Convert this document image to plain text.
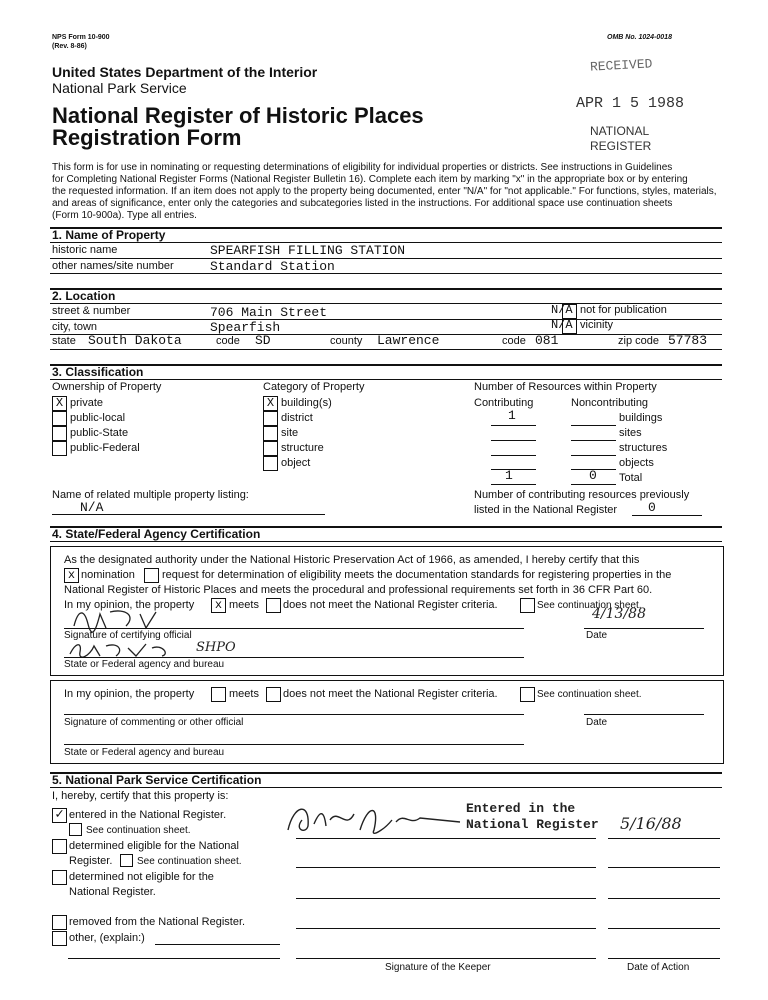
NPS Form 10-900
(Rev. 8-86)
OMB No. 1024-0018
United States Department of the Interior
National Park Service
National Register of Historic Places
Registration Form
RECEIVED
APR 1 5 1988
NATIONAL
REGISTER
This form is for use in nominating or requesting determinations of eligibility for individual properties or districts. See instructions in Guidelines
for Completing National Register Forms (National Register Bulletin 16). Complete each item by marking "x" in the appropriate box or by entering
the requested information. If an item does not apply to the property being documented, enter "N/A" for "not applicable." For functions, styles, materials,
and areas of significance, enter only the categories and subcategories listed in the instructions. For additional space use continuation sheets
(Form 10-900a). Type all entries.
1. Name of Property
historic name	SPEARFISH FILLING STATION
other names/site number	Standard Station
2. Location
street & number	706 Main Street	N/A not for publication
city, town	Spearfish	N/A vicinity
state South Dakota	code SD	county Lawrence	code 081	zip code 57783
3. Classification
Ownership of Property
X private
public-local
public-State
public-Federal
Category of Property
X building(s)
district
site
structure
object
Number of Resources within Property
Contributing	Noncontributing
1	buildings
sites
structures
objects
1	0 Total
Name of related multiple property listing:
N/A
Number of contributing resources previously
listed in the National Register 0
4. State/Federal Agency Certification
As the designated authority under the National Historic Preservation Act of 1966, as amended, I hereby certify that this
x nomination request for determination of eligibility meets the documentation standards for registering properties in the
National Register of Historic Places and meets the procedural and professional requirements set forth in 36 CFR Part 60.
In my opinion, the property	x meets does not meet the National Register criteria.	See continuation sheet.
4/13/88
Signature of certifying official	Date
SHPO
State or Federal agency and bureau
In my opinion, the property	meets does not meet the National Register criteria.	See continuation sheet.
Signature of commenting or other official	Date
State or Federal agency and bureau
5. National Park Service Certification
I, hereby, certify that this property is:
✓ entered in the National Register.
See continuation sheet.
determined eligible for the National
Register. See continuation sheet.
determined not eligible for the
National Register.
removed from the National Register.
other, (explain:)
Entered in the
National Register 5/16/88
Signature of the Keeper	Date of Action
